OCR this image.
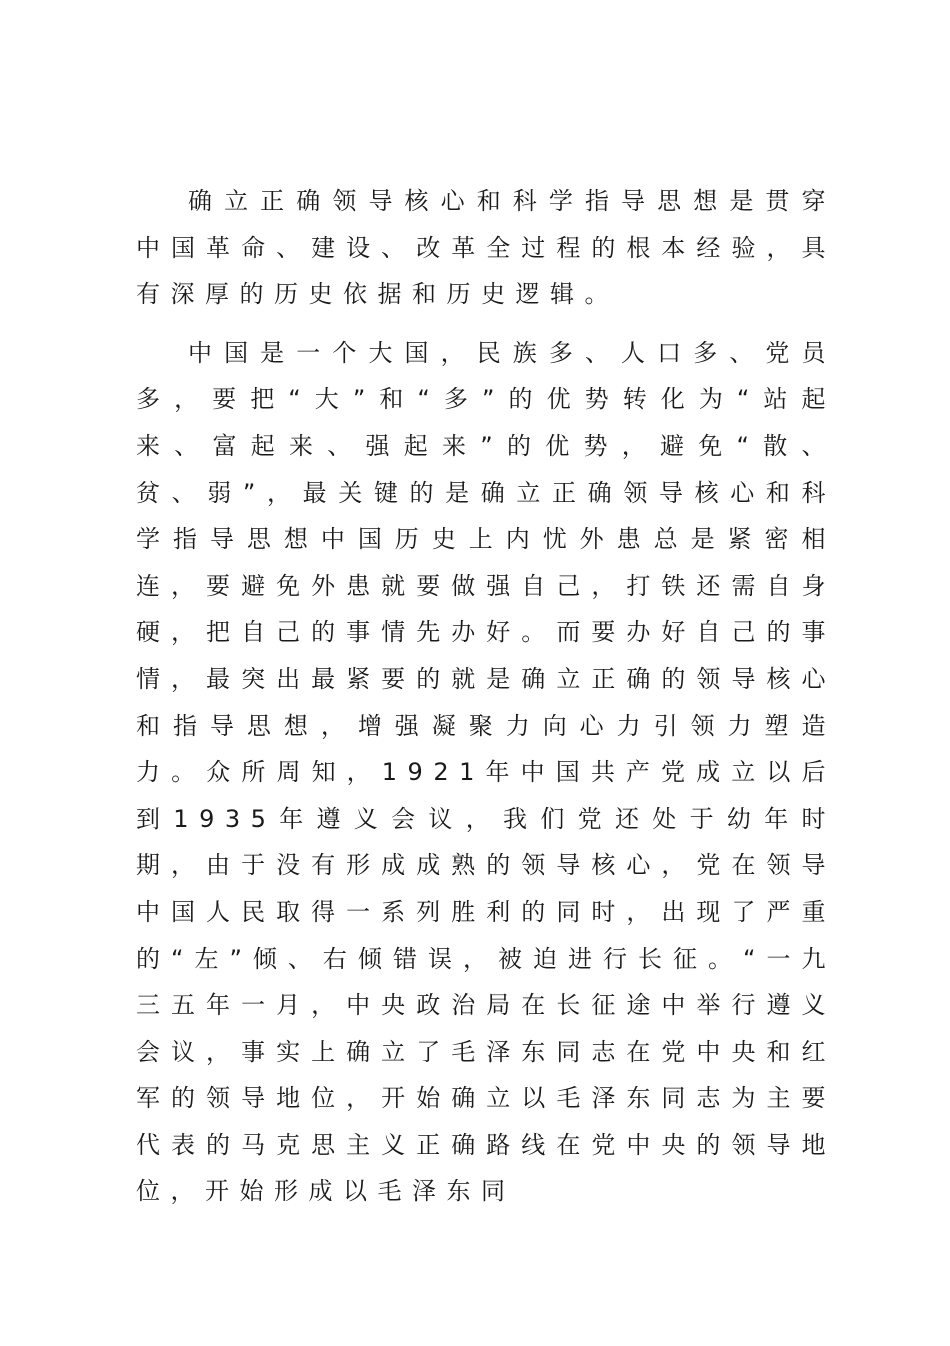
确立正确领导核心和科学指导思想是贯穿中国革命、建设、改革全过程的根本经验，具有深厚的历史依据和历史逻辑。

中国是一个大国，民族多、人口多、党员多，要把“大”和“多”的优势转化为“站起来、富起来、强起来”的优势，避免“散、贫、弱”，最关键的是确立正确领导核心和科学指导思想中国历史上内忧外患总是紧密相连，要避免外患就要做强自己，打铁还需自身硬，把自己的事情先办好。而要办好自己的事情，最突出最紧要的就是确立正确的领导核心和指导思想，增强凝聚力向心力引领力塑造力。众所周知，1921年中国共产党成立以后到1935年遵义会议，我们党还处于幼年时期，由于没有形成成熟的领导核心，党在领导中国人民取得一系列胜利的同时，出现了严重的“左”倾、右倾错误，被迫进行长征。“一九三五年一月，中央政治局在长征途中举行遵义会议，事实上确立了毛泽东同志在党中央和红军的领导地位，开始确立以毛泽东同志为主要代表的马克思主义正确路线在党中央的领导地位，开始形成以毛泽东同
